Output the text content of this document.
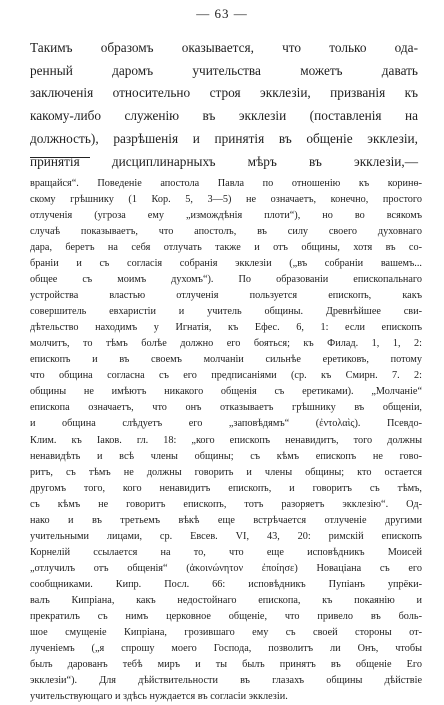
— 63 —
Такимъ образомъ оказывается, что только ода-
ренный даромъ учительства можетъ давать
заключенія относительно строя экклезіи, призванія къ
какому-либо служенію въ экклезіи (поставленія на
должность), разрѣшенія и принятія въ общеніе экклезіи,
принятія дисциплинарныхъ мѣръ въ экклезіи,—
вращайся“. Поведеніе апостола Павла по отношенію къ коринѳ-
скому грѣшнику (1 Кор. 5, 3—5) не означаетъ, конечно, простого
отлученія (угроза ему „измождѣнія плоти“), но во всякомъ
случаѣ показываетъ, что апостолъ, въ силу своего духовнаго
дара, беретъ на себя отлучать также и отъ общины, хотя въ со-
браніи и съ согласія собранія экклезіи („въ собраніи вашемъ...
общее съ моимъ духомъ“). По образованіи епископальнаго
устройства властью отлученія пользуется епископъ, какъ
совершитель евхаристіи и учитель общины. Древнѣйшее сви-
дѣтельство находимъ у Игнатія, къ Ефес. 6, 1: если епископъ
молчитъ, то тѣмъ болѣе должно его бояться; къ Филад. 1, 1, 2:
епископъ и въ своемъ молчаніи сильнѣе еретиковъ, потому
что община согласна съ его предписаніями (ср. къ Смирн. 7. 2:
общины не имѣютъ никакого общенія съ еретиками). „Молчаніе“
епископа означаетъ, что онъ отказываетъ грѣшнику въ общеніи,
и община слѣдуетъ его „заповѣдямъ“ (ἐντολαὶς). Псевдо-
Клим. къ Іаков. гл. 18: „кого епископъ ненавидитъ, того должны
ненавидѣть и всѣ члены общины; съ кѣмъ епископъ не гово-
ритъ, съ тѣмъ не должны говорить и члены общины; кто остается
другомъ того, кого ненавидитъ епископъ, и говоритъ съ тѣмъ,
съ кѣмъ не говоритъ епископъ, тотъ разоряетъ экклезію“. Од-
нако и въ третьемъ вѣкѣ еще встрѣчается отлученіе другими
учительными лицами, ср. Евсев. VI, 43, 20: римскій епископъ
Корнелій ссылается на то, что еще исповѣдникъ Моисей
„отлучилъ отъ общенія“ (ἀκοινώνητον ἐποίησε) Новаціана съ его
сообщниками. Кипр. Посл. 66: исповѣдникъ Пупіанъ упрёки-
валъ Кипріана, какъ недостойнаго епископа, къ покаянію и
прекратилъ съ нимъ церковное общеніе, что привело въ боль-
шое смущеніе Кипріана, грозившаго ему съ своей стороны от-
лученіемъ („я спрошу моего Господа, позволитъ ли Онъ, чтобы
былъ дарованъ тебѣ миръ и ты былъ принятъ въ общеніе Его
экклезіи“). Для дѣйствительности въ глазахъ общины дѣйствіе
учительствующаго и здѣсь нуждается въ согласіи экклезіи.
